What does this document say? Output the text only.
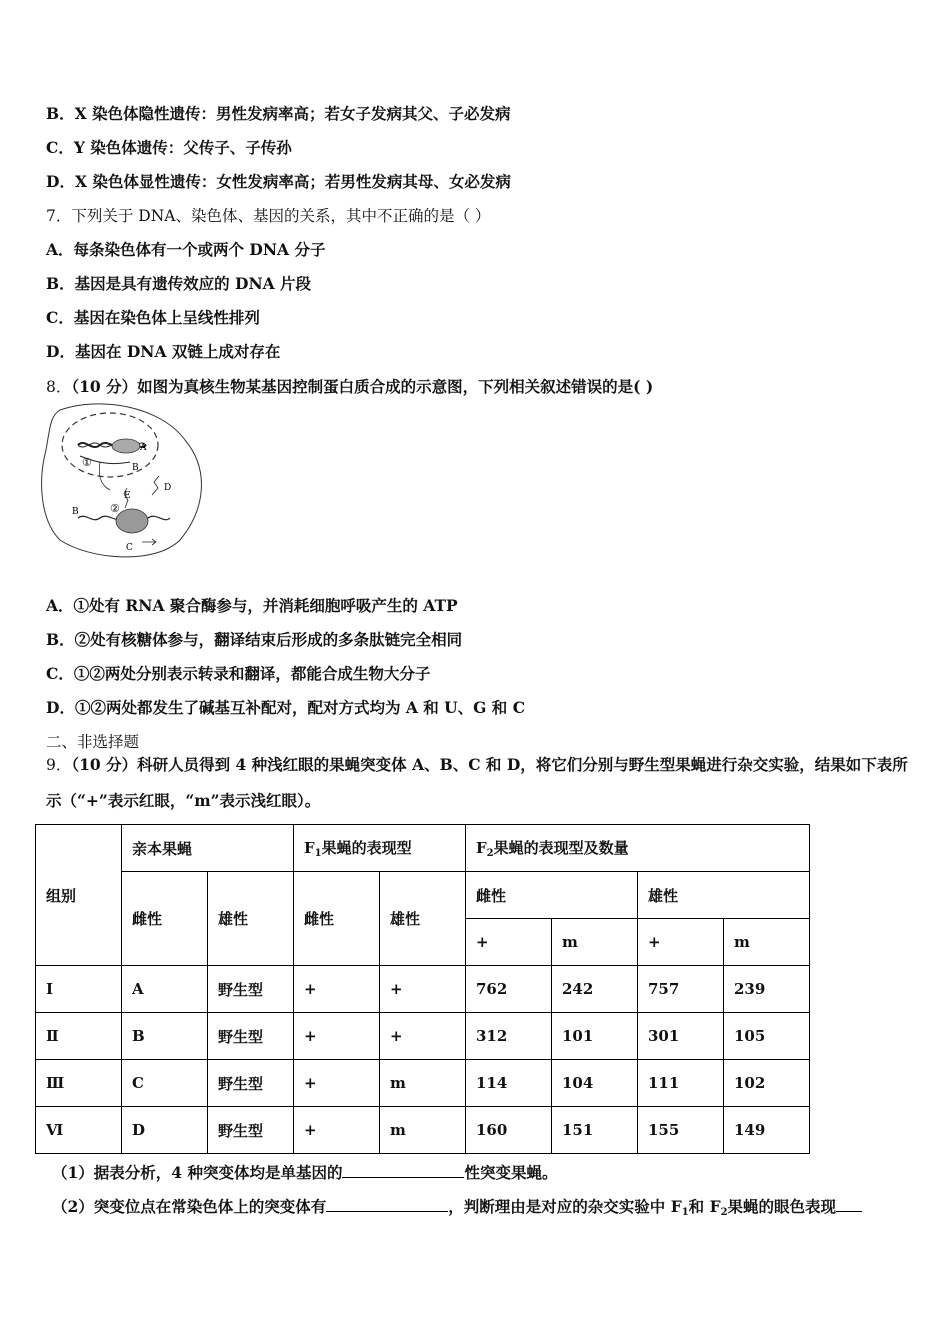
B．X 染色体隐性遗传：男性发病率高；若女子发病其父、子必发病
C．Y 染色体遗传：父传子、子传孙
D．X 染色体显性遗传：女性发病率高；若男性发病其母、女必发病
7．下列关于 DNA、染色体、基因的关系，其中不正确的是（ ）
A．每条染色体有一个或两个 DNA 分子
B．基因是具有遗传效应的 DNA 片段
C．基因在染色体上呈线性排列
D．基因在 DNA 双链上成对存在
8．（10 分）如图为真核生物某基因控制蛋白质合成的示意图，下列相关叙述错误的是( )
①
A
B
②
E
D
B
C
A．①处有 RNA 聚合酶参与，并消耗细胞呼吸产生的 ATP
B．②处有核糖体参与，翻译结束后形成的多条肽链完全相同
C．①②两处分别表示转录和翻译，都能合成生物大分子
D．①②两处都发生了碱基互补配对，配对方式均为 A 和 U、G 和 C
二、非选择题
9．（10 分）科研人员得到 4 种浅红眼的果蝇突变体 A、B、C 和 D，将它们分别与野生型果蝇进行杂交实验，结果如下表所示（“+”表示红眼，“m”表示浅红眼）。
组别	亲本果蝇		$F_1$果蝇的表现型		$F_2$果蝇的表现型及数量			
	雌性	雄性	雌性	雄性	雌性		雄性	
					+	m	+	m
Ⅰ	A	野生型	+	+	762	242	757	239
Ⅱ	B	野生型	+	+	312	101	301	105
Ⅲ	C	野生型	+	m	114	104	111	102
Ⅵ	D	野生型	+	m	160	151	155	149
（1）据表分析，4 种突变体均是单基因的	性突变果蝇。
（2）突变位点在常染色体上的突变体有	，判断理由是对应的杂交实验中 $F_1$和 $F_2$果蝇的眼色表现
